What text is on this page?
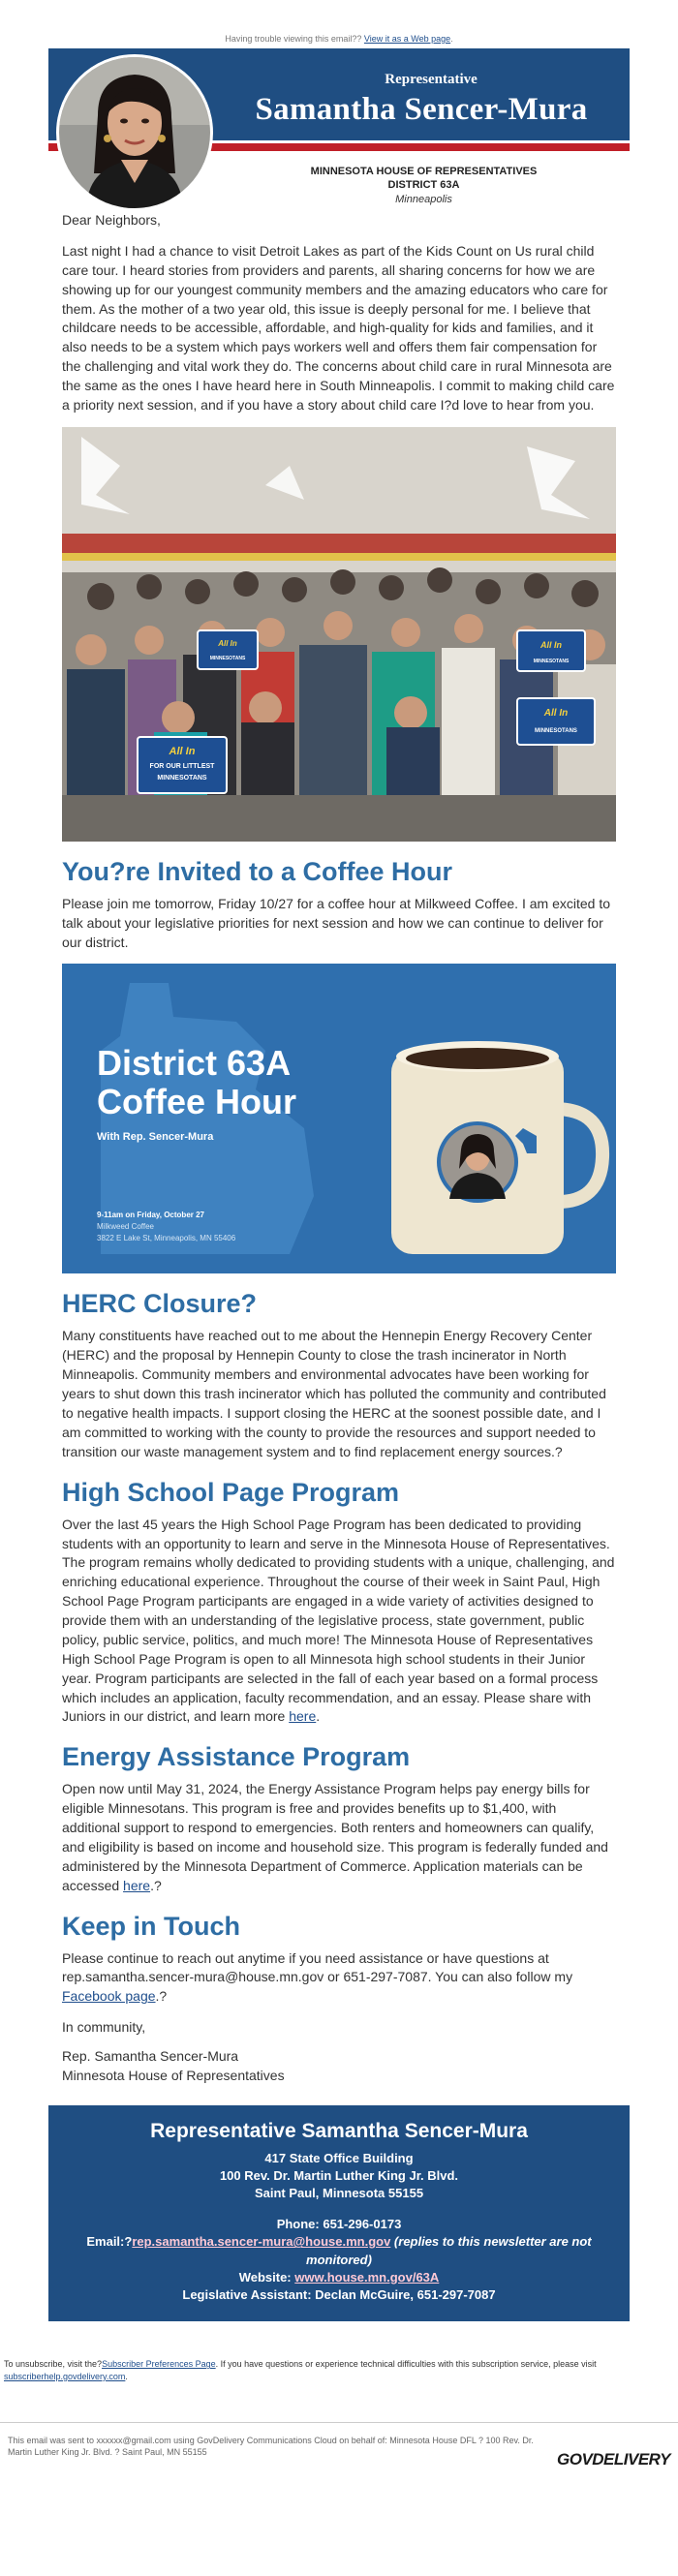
Having trouble viewing this email?? View it as a Web page.
Representative
Samantha Sencer-Mura
MINNESOTA HOUSE OF REPRESENTATIVES
DISTRICT 63A
Minneapolis

Dear Neighbors,

Last night I had a chance to visit Detroit Lakes as part of the Kids Count on Us rural child care tour. I heard stories from providers and parents, all sharing concerns for how we are showing up for our youngest community members and the amazing educators who care for them. As the mother of a two year old, this issue is deeply personal for me. I believe that childcare needs to be accessible, affordable, and high-quality for kids and families, and it also needs to be a system which pays workers well and offers them fair compensation for the challenging and vital work they do. The concerns about child care in rural Minnesota are the same as the ones I have heard here in South Minneapolis. I commit to making child care a priority next session, and if you have a story about child care I?d love to hear from you.

All In
FOR OUR LITTLEST
MINNESOTANS
All In
MINNESOTANS
All In
MINNESOTANS
All In
MINNESOTANS
You?re Invited to a Coffee Hour

Please join me tomorrow, Friday 10/27 for a coffee hour at Milkweed Coffee. I am excited to talk about your legislative priorities for next session and how we can continue to deliver for our district.

District 63A
Coffee Hour
With Rep. Sencer-Mura
9-11am on Friday, October 27
Milkweed Coffee
3822 E Lake St, Minneapolis, MN 55406
HERC Closure?

Many constituents have reached out to me about the Hennepin Energy Recovery Center (HERC) and the proposal by Hennepin County to close the trash incinerator in North Minneapolis. Community members and environmental advocates have been working for years to shut down this trash incinerator which has polluted the community and contributed to negative health impacts. I support closing the HERC at the soonest possible date, and I am committed to working with the county to provide the resources and support needed to transition our waste management system and to find replacement energy sources.?

High School Page Program

Over the last 45 years the High School Page Program has been dedicated to providing students with an opportunity to learn and serve in the Minnesota House of Representatives. The program remains wholly dedicated to providing students with a unique, challenging, and enriching educational experience. Throughout the course of their week in Saint Paul, High School Page Program participants are engaged in a wide variety of activities designed to provide them with an understanding of the legislative process, state government, public policy, public service, politics, and much more! The Minnesota House of Representatives High School Page Program is open to all Minnesota high school students in their Junior year. Program participants are selected in the fall of each year based on a formal process which includes an application, faculty recommendation, and an essay. Please share with Juniors in our district, and learn more here.

Energy Assistance Program

Open now until May 31, 2024, the Energy Assistance Program helps pay energy bills for eligible Minnesotans. This program is free and provides benefits up to $1,400, with additional support to respond to emergencies. Both renters and homeowners can qualify, and eligibility is based on income and household size. This program is federally funded and administered by the Minnesota Department of Commerce. Application materials can be accessed here.?

Keep in Touch

Please continue to reach out anytime if you need assistance or have questions at rep.samantha.sencer-mura@house.mn.gov or 651-297-7087. You can also follow my Facebook page.?

In community,

Rep. Samantha Sencer-Mura

Minnesota House of Representatives

Representative Samantha Sencer-Mura
417 State Office Building
100 Rev. Dr. Martin Luther King Jr. Blvd.
Saint Paul, Minnesota 55155
Phone: 651-296-0173
Email:?rep.samantha.sencer-mura@house.mn.gov (replies to this newsletter are not monitored)
Website: www.house.mn.gov/63A
Legislative Assistant: Declan McGuire, 651-297-7087
To unsubscribe, visit the?Subscriber Preferences Page. If you have questions or experience technical difficulties with this subscription service, please visit subscriberhelp.govdelivery.com.
This email was sent to xxxxxx@gmail.com using GovDelivery Communications Cloud on behalf of: Minnesota House DFL ? 100 Rev. Dr. Martin Luther King Jr. Blvd. ? Saint Paul, MN 55155	GOVDELIVERY
